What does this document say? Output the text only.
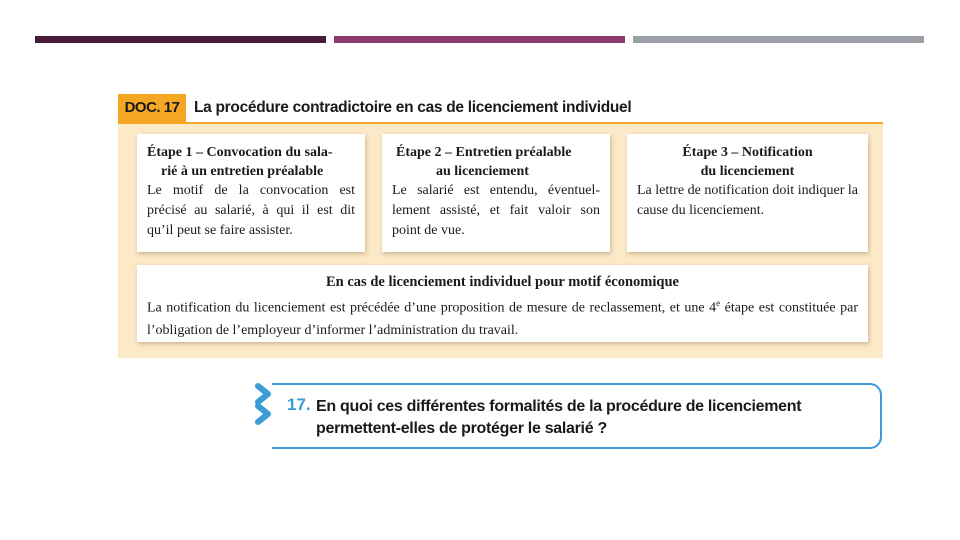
DOC. 17 La procédure contradictoire en cas de licenciement individuel
Étape 1 – Convocation du sala-
rié à un entretien préalable
Le motif de la convocation est précisé au salarié, à qui il est dit qu’il peut se faire assister.
Étape 2 – Entretien préalable
au licenciement
Le salarié est entendu, éventuel-lement assisté, et fait valoir son point de vue.
Étape 3 – Notification
du licenciement
La lettre de notification doit indiquer la cause du licenciement.
En cas de licenciement individuel pour motif économique
La notification du licenciement est précédée d’une proposition de mesure de reclassement, et une 4e étape est constituée par l’obligation de l’employeur d’informer l’administration du travail.
17. En quoi ces différentes formalités de la procédure de licenciement
permettent-elles de protéger le salarié ?
